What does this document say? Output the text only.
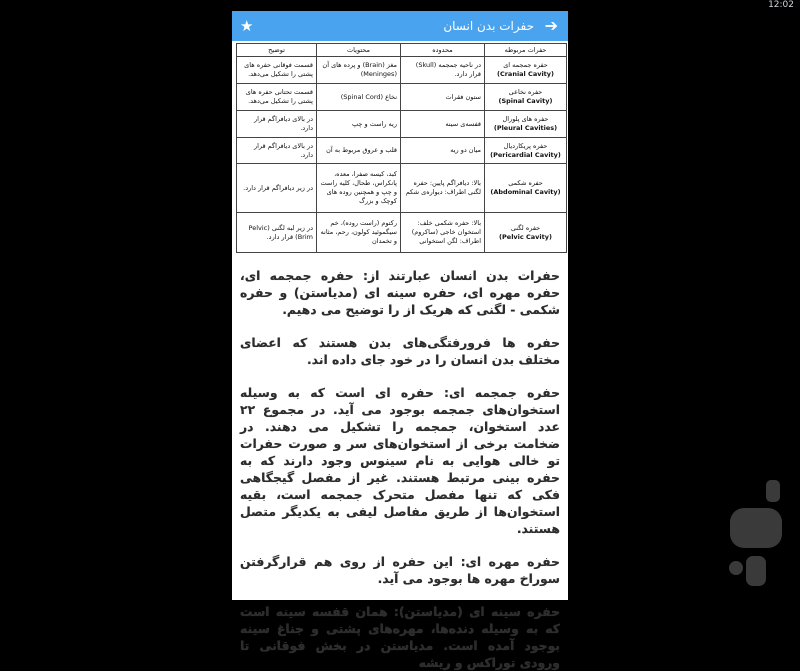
12:02
➔
حفرات بدن انسان
★
حفرات مربوطه	محدوده	محتویات	توضیح
حفره جمجمه ای
(Cranial Cavity)	در ناحیه جمجمه (Skull) قرار دارد.	مغز (Brain) و پرده های آن (Meninges)	قسمت فوقانی حفره های پشتی را تشکیل می‌دهد.
حفره نخاعی
(Spinal Cavity)	ستون فقرات	نخاع (Spinal Cord)	قسمت تحتانی حفره های پشتی را تشکیل می‌دهد.
حفره های پلورال
(Pleural Cavities)	قفسه‌ی سینه	ریه راست و چپ	در بالای دیافراگم قرار دارد.
حفره پریکاردیال
(Pericardial Cavity)	میان دو ریه	قلب و عروق مربوط به آن	در بالای دیافراگم قرار دارد.
حفره شکمی
(Abdominal Cavity)	بالا: دیافراگم پایین: حفره لگنی اطراف: دیواره‌ی شکم	کبد، کیسه صفرا، معده، پانکراس، طحال، کلیه راست و چپ و همچنین روده های کوچک و بزرگ	در زیر دیافراگم قرار دارد.
حفره لگنی
(Pelvic Cavity)	بالا: حفره شکمی خلف: استخوان خاجی (ساکروم) اطراف: لگن استخوانی	رکتوم (راست روده)، خم سیگموئید کولون، رحم، مثانه و تخمدان	در زیر لبه لگنی (Pelvic Brim) قرار دارد.

حفرات بدن انسان عبارتند از: حفره جمجمه ای، حفره مهره ای، حفره سینه ای (مدیاستن) و حفره شکمی - لگنی که هریک از را توضیح می دهیم.

حفره ها فرورفتگی‌های بدن هستند که اعضای مختلف بدن انسان را در خود جای داده اند.

حفره جمجمه ای: حفره ای است که به وسیله استخوان‌های جمجمه بوجود می آید. در مجموع ۲۲ عدد استخوان، جمجمه را تشکیل می دهند. در ضخامت برخی از استخوان‌های سر و صورت حفرات تو خالی هوایی به نام سینوس وجود دارند که به حفره بینی مرتبط هستند. غیر از مفصل گیجگاهی فکی که تنها مفصل متحرک جمجمه است، بقیه استخوان‌ها از طریق مفاصل لیفی به یکدیگر متصل هستند.

حفره مهره ای: این حفره از روی هم قرارگرفتن سوراخ مهره ها بوجود می آید.

حفره سینه ای (مدیاستن): همان قفسه سینه است که به وسیله دنده‌ها، مهره‌های پشتی و جناغ سینه بوجود آمده است. مدیاستن در بخش فوقانی تا ورودی توراکس و ریشه
